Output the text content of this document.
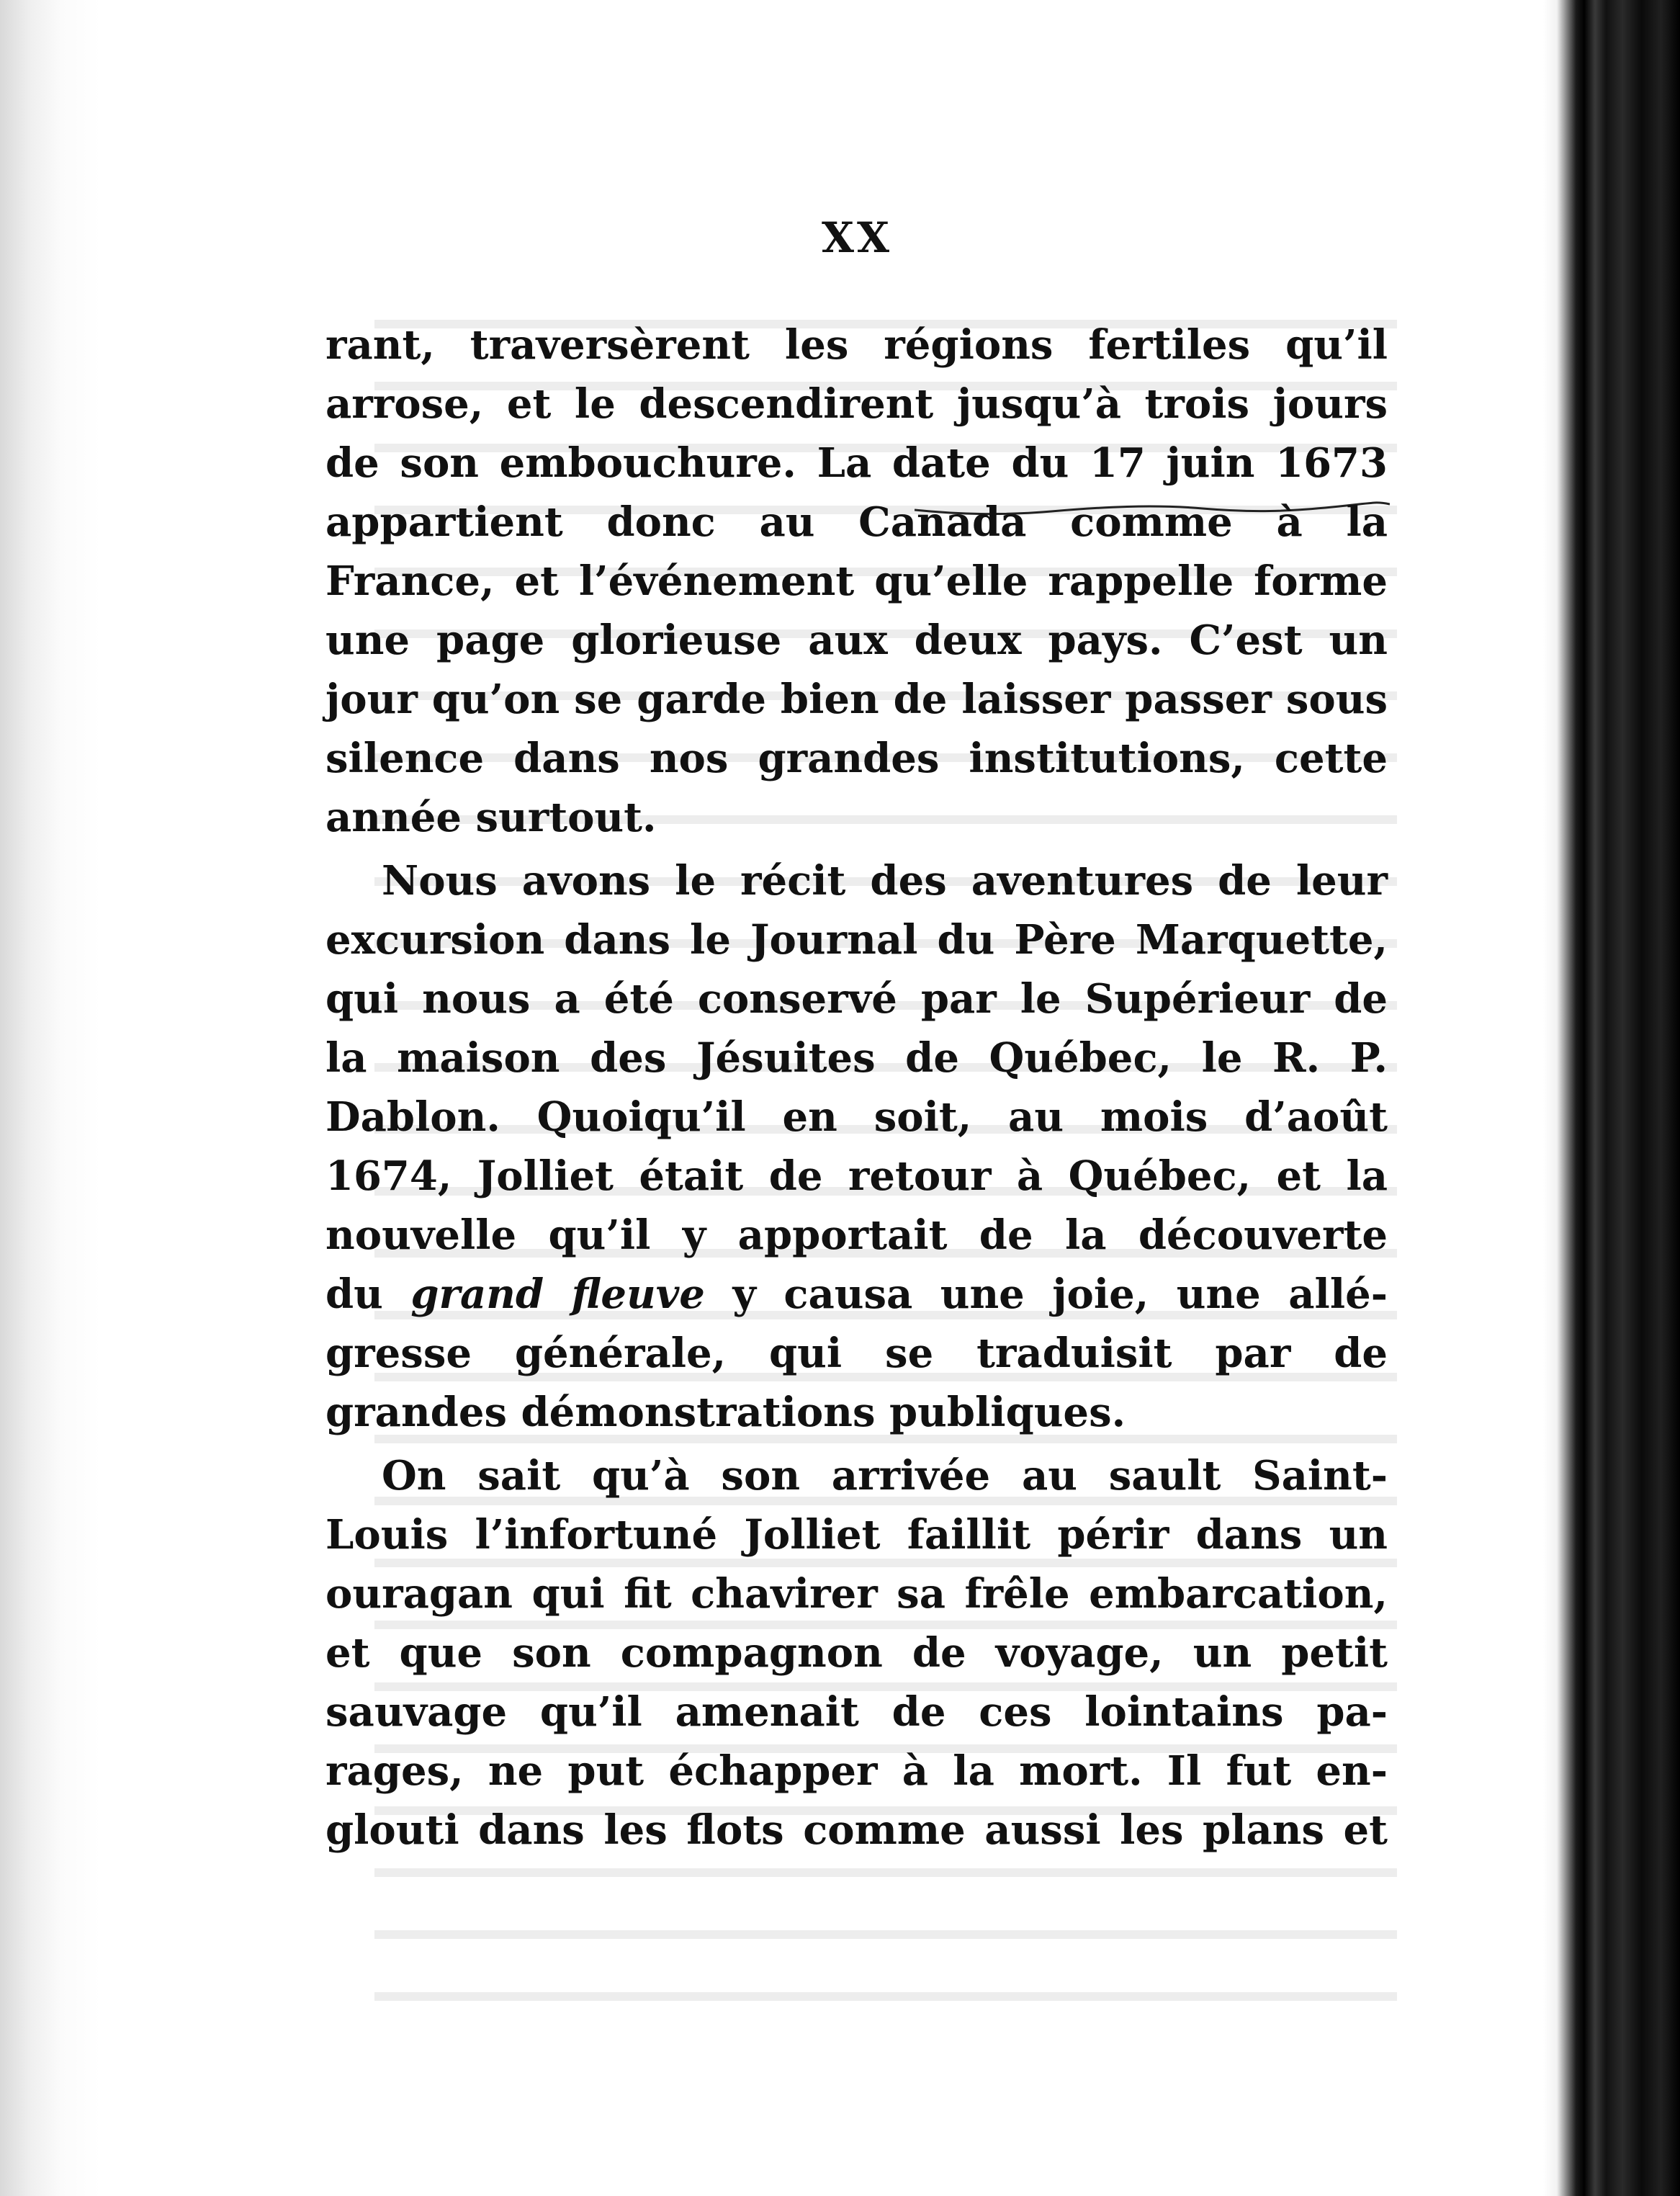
XX
rant, traversèrent les régions fertiles qu’il
arrose, et le descendirent jusqu’à trois jours
de son embouchure. La date du 17 juin 1673
appartient donc au Canada comme à la
France, et l’événement qu’elle rappelle forme
une page glorieuse aux deux pays. C’est un
jour qu’on se garde bien de laisser passer sous
silence dans nos grandes institutions, cette
année surtout.
Nous avons le récit des aventures de leur
excursion dans le Journal du Père Marquette,
qui nous a été conservé par le Supérieur de
la maison des Jésuites de Québec, le R. P.
Dablon. Quoiqu’il en soit, au mois d’août
1674, Jolliet était de retour à Québec, et la
nouvelle qu’il y apportait de la découverte
du grand fleuve y causa une joie, une allé-
gresse générale, qui se traduisit par de
grandes démonstrations publiques.
On sait qu’à son arrivée au sault Saint-
Louis l’infortuné Jolliet faillit périr dans un
ouragan qui fit chavirer sa frêle embarcation,
et que son compagnon de voyage, un petit
sauvage qu’il amenait de ces lointains pa-
rages, ne put échapper à la mort. Il fut en-
glouti dans les flots comme aussi les plans et
